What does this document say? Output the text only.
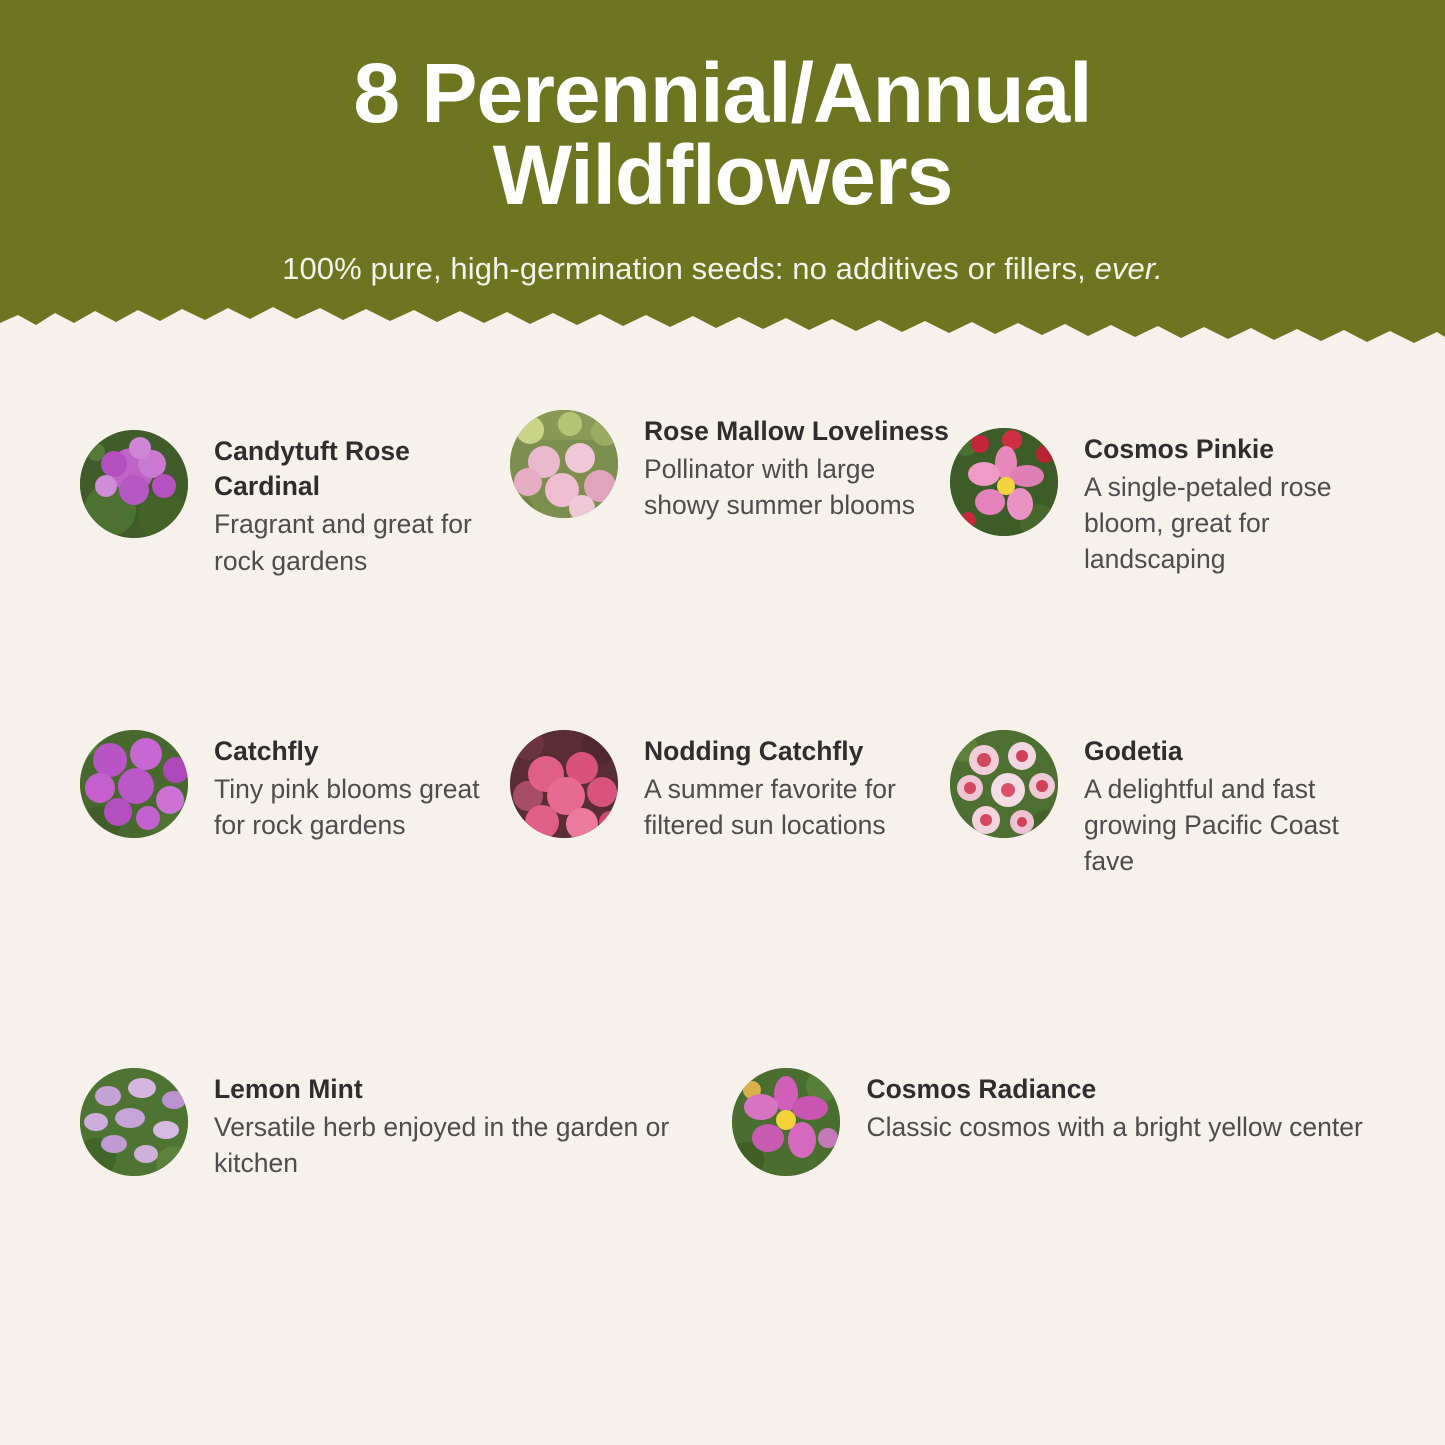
8 Perennial/Annual
Wildflowers
100% pure, high-germination seeds: no additives or fillers, ever.

Candytuft Rose Cardinal

Fragrant and great for rock gardens

Rose Mallow Loveliness

Pollinator with large showy summer blooms

Cosmos Pinkie

A single-petaled rose bloom, great for landscaping

Catchfly

Tiny pink blooms great for rock gardens

Nodding Catchfly

A summer favorite for filtered sun locations

Godetia

A delightful and fast growing Pacific Coast fave

Lemon Mint

Versatile herb enjoyed in the garden or kitchen

Cosmos Radiance

Classic cosmos with a bright yellow center
